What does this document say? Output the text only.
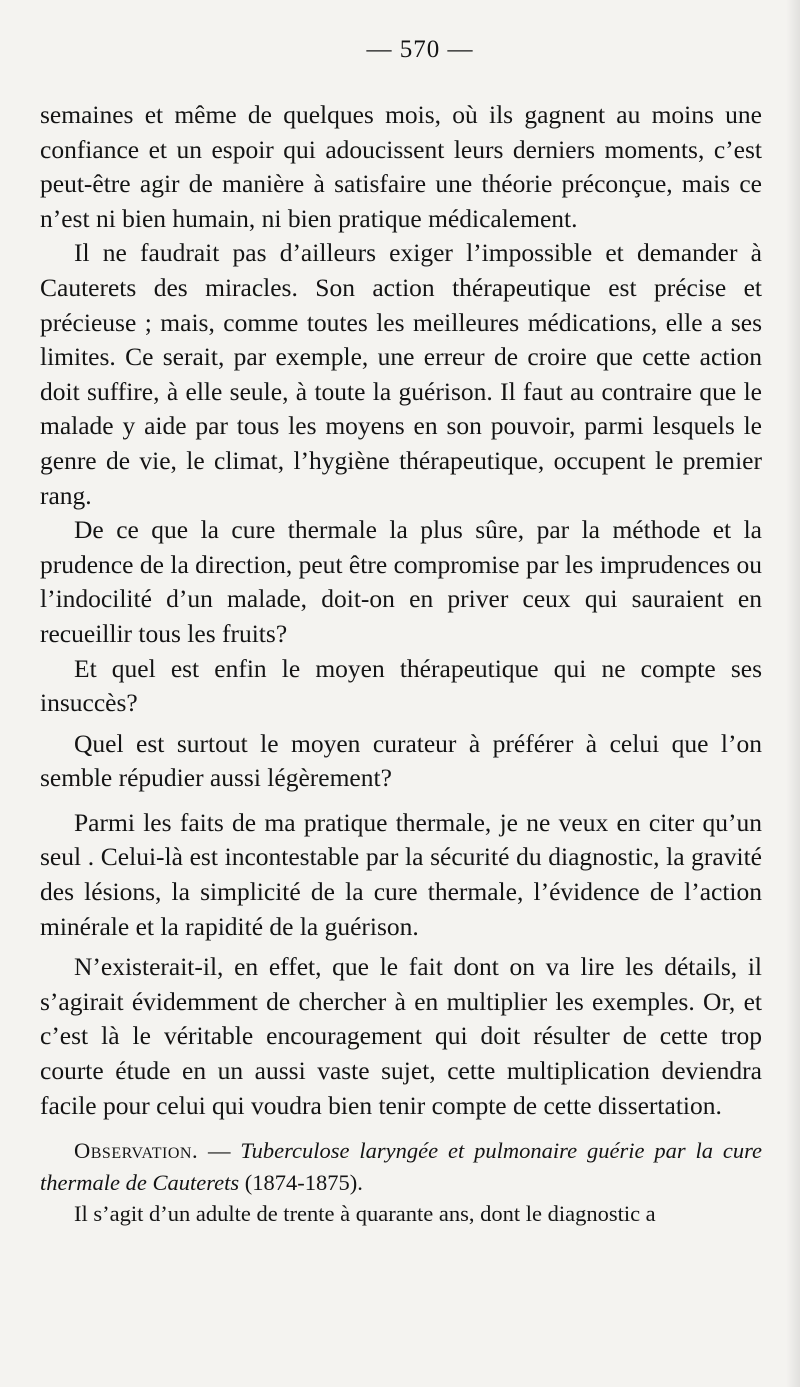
— 570 —

semaines et même de quelques mois, où ils gagnent au moins une confiance et un espoir qui adoucissent leurs derniers moments, c’est peut-être agir de manière à satisfaire une théorie préconçue, mais ce n’est ni bien humain, ni bien pratique médicalement.

Il ne faudrait pas d’ailleurs exiger l’impossible et demander à Cauterets des miracles. Son action thérapeutique est précise et précieuse ; mais, comme toutes les meilleures médications, elle a ses limites. Ce serait, par exemple, une erreur de croire que cette action doit suffire, à elle seule, à toute la guérison. Il faut au contraire que le malade y aide par tous les moyens en son pouvoir, parmi lesquels le genre de vie, le climat, l’hygiène thérapeutique, occupent le premier rang.

De ce que la cure thermale la plus sûre, par la méthode et la prudence de la direction, peut être compromise par les imprudences ou l’indocilité d’un malade, doit-on en priver ceux qui sauraient en recueillir tous les fruits?

Et quel est enfin le moyen thérapeutique qui ne compte ses insuccès?

Quel est surtout le moyen curateur à préférer à celui que l’on semble répudier aussi légèrement?

Parmi les faits de ma pratique thermale, je ne veux en citer qu’un seul . Celui-là est incontestable par la sécurité du diagnostic, la gravité des lésions, la simplicité de la cure thermale, l’évidence de l’action minérale et la rapidité de la guérison.

N’existerait-il, en effet, que le fait dont on va lire les détails, il s’agirait évidemment de chercher à en multiplier les exemples. Or, et c’est là le véritable encouragement qui doit résulter de cette trop courte étude en un aussi vaste sujet, cette multiplication deviendra facile pour celui qui voudra bien tenir compte de cette dissertation.

Observation. — Tuberculose laryngée et pulmonaire guérie par la cure thermale de Cauterets (1874-1875).

Il s’agit d’un adulte de trente à quarante ans, dont le diagnostic a
